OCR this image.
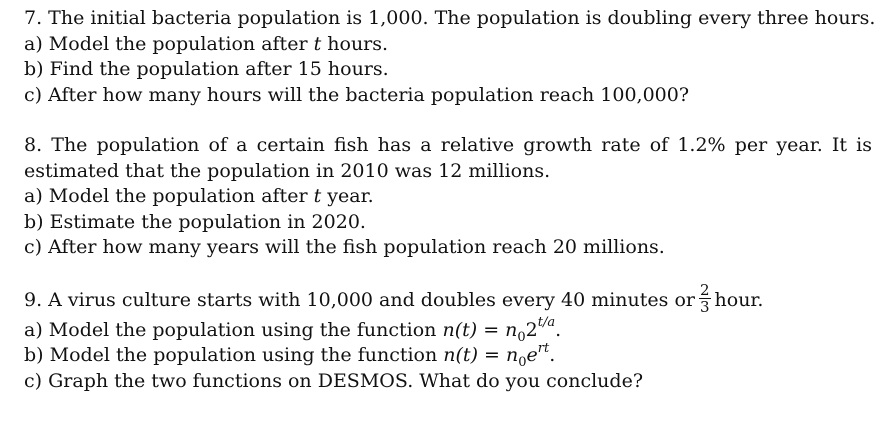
7. The initial bacteria population is 1,000. The population is doubling every three hours.

a) Model the population after t hours.

b) Find the population after 15 hours.

c) After how many hours will the bacteria population reach 100,000?

8. The population of a certain fish has a relative growth rate of 1.2% per year. It is estimated that the population in 2010 was 12 millions.

a) Model the population after t year.

b) Estimate the population in 2020.

c) After how many years will the fish population reach 20 millions.

9. A virus culture starts with 10,000 and doubles every 40 minutes or $\frac{2}{3}$ hour.

a) Model the population using the function $n(t) = n_02^{t/a}$.

b) Model the population using the function $n(t) = n_0e^{rt}$.

c) Graph the two functions on DESMOS. What do you conclude?
